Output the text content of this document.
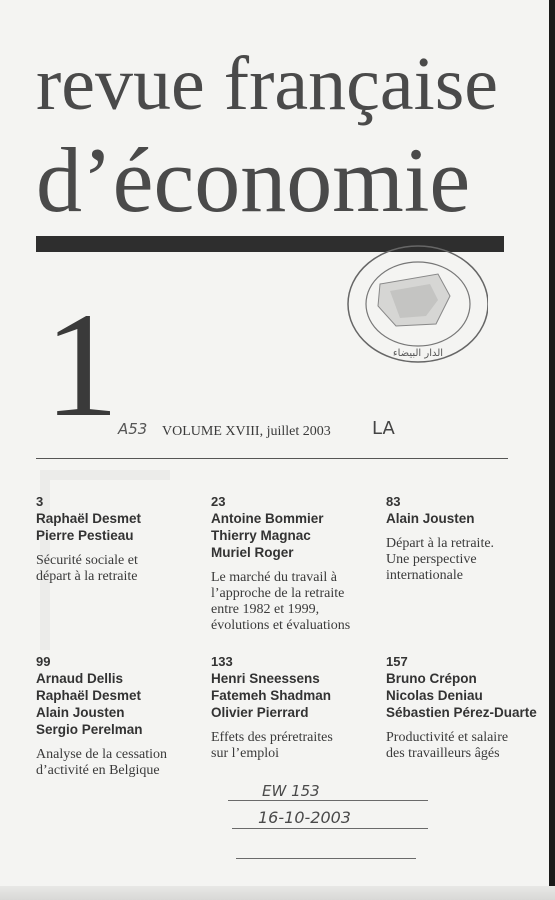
revue française
d’économie
الدار البيضاء
1 A53 VOLUME XVIII, juillet 2003 LA
3
Raphaël Desmet
Pierre Pestieau
Sécurité sociale et
départ à la retraite
23
Antoine Bommier
Thierry Magnac
Muriel Roger
Le marché du travail à
l’approche de la retraite
entre 1982 et 1999,
évolutions et évaluations
83
Alain Jousten
Départ à la retraite.
Une perspective
internationale
99
Arnaud Dellis
Raphaël Desmet
Alain Jousten
Sergio Perelman
Analyse de la cessation
d’activité en Belgique
133
Henri Sneessens
Fatemeh Shadman
Olivier Pierrard
Effets des préretraites
sur l’emploi
157
Bruno Crépon
Nicolas Deniau
Sébastien Pérez-Duarte
Productivité et salaire
des travailleurs âgés
EW 153
16-10-2003
